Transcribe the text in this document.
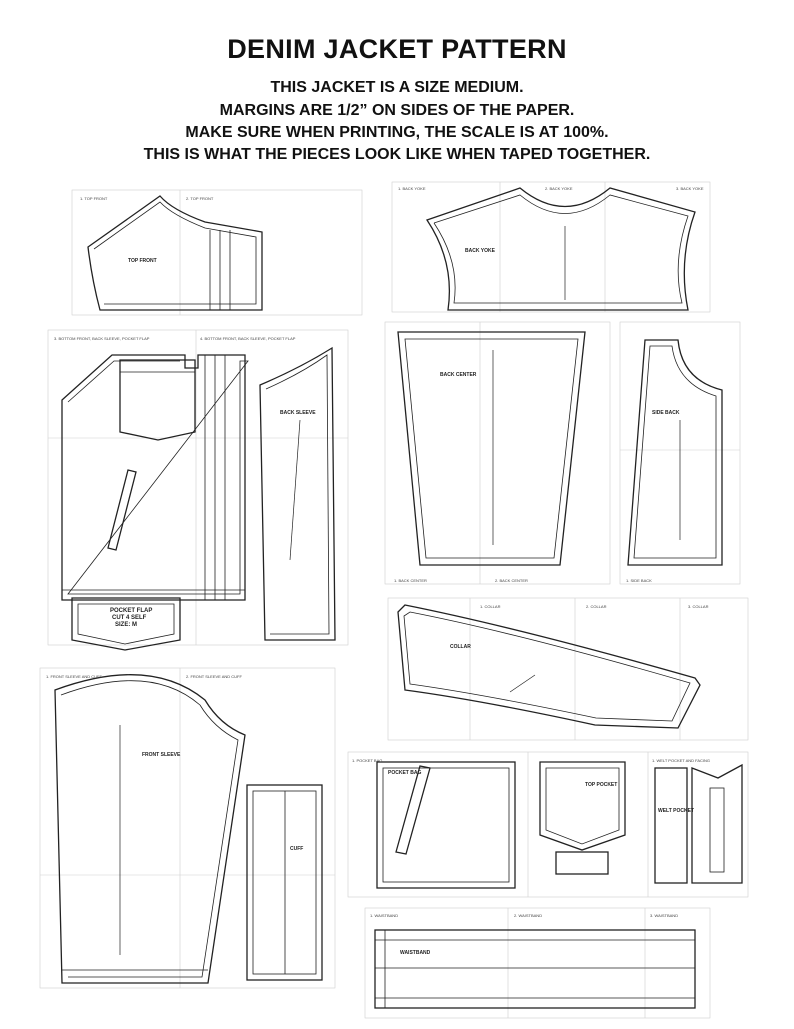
DENIM JACKET PATTERN
THIS JACKET IS A SIZE MEDIUM.
MARGINS ARE 1/2” ON SIDES OF THE PAPER.
MAKE SURE WHEN PRINTING, THE SCALE IS AT 100%.
THIS IS WHAT THE PIECES LOOK LIKE WHEN TAPED TOGETHER.
1. TOP FRONT	2. TOP FRONT
1. BACK YOKE	2. BACK YOKE	3. BACK YOKE
3. BOTTOM FRONT, BACK SLEEVE, POCKET FLAP	4. BOTTOM FRONT, BACK SLEEVE, POCKET FLAP
1. BACK CENTER	2. BACK CENTER	1. SIDE BACK
1. COLLAR	2. COLLAR	3. COLLAR
1. FRONT SLEEVE AND CUFF	2. FRONT SLEEVE AND CUFF
1. POCKET BAG	1. WELT POCKET AND FACING
1. WAISTBAND	2. WAISTBAND	3. WAISTBAND
TOP FRONT
BACK YOKE
BACK CENTER
SIDE BACK
BACK SLEEVE
POCKET FLAP
CUT 4 SELF
SIZE: M
COLLAR
FRONT SLEEVE
CUFF
POCKET BAG
TOP POCKET
WELT POCKET
WAISTBAND
